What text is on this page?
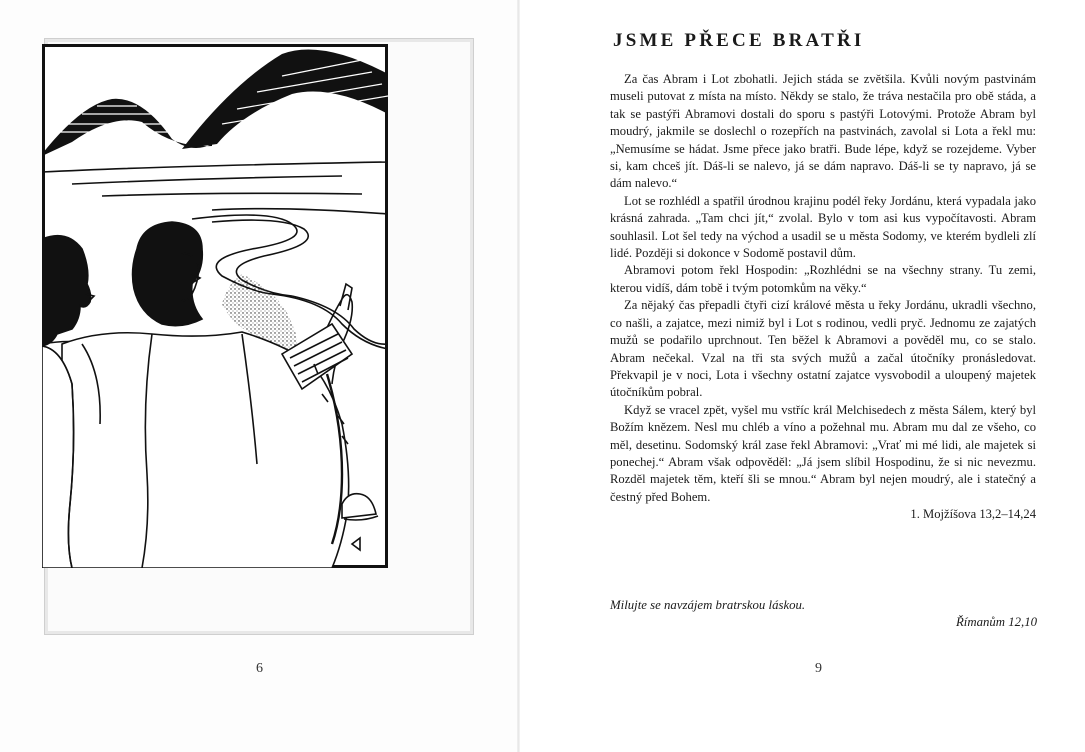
6
JSME PŘECE BRATŘI

Za čas Abram i Lot zbohatli. Jejich stáda se zvětšila. Kvůli novým pastvinám museli putovat z místa na místo. Někdy se stalo, že tráva nestačila pro obě stáda, a tak se pastýři Abramovi dostali do sporu s pastýři Lotovými. Protože Abram byl moudrý, jakmile se doslechl o rozepřích na pastvinách, zavolal si Lota a řekl mu: „Nemusíme se hádat. Jsme přece jako bratři. Bude lépe, když se rozejdeme. Vyber si, kam chceš jít. Dáš-li se nalevo, já se dám napravo. Dáš-li se ty napravo, já se dám nalevo.“

Lot se rozhlédl a spatřil úrodnou krajinu podél řeky Jordánu, která vypadala jako krásná zahrada. „Tam chci jít,“ zvolal. Bylo v tom asi kus vypočítavosti. Abram souhlasil. Lot šel tedy na východ a usadil se u města Sodomy, ve kterém bydleli zlí lidé. Později si dokonce v Sodomě postavil dům.

Abramovi potom řekl Hospodin: „Rozhlédni se na všechny strany. Tu zemi, kterou vidíš, dám tobě i tvým potomkům na věky.“

Za nějaký čas přepadli čtyři cizí králové města u řeky Jordánu, ukradli všechno, co našli, a zajatce, mezi nimiž byl i Lot s rodinou, vedli pryč. Jednomu ze zajatých mužů se podařilo uprchnout. Ten běžel k Abramovi a pověděl mu, co se stalo. Abram nečekal. Vzal na tři sta svých mužů a začal útočníky pronásledovat. Překvapil je v noci, Lota i všechny ostatní zajatce vysvobodil a uloupený majetek útočníkům pobral.

Když se vracel zpět, vyšel mu vstříc král Melchisedech z města Sálem, který byl Božím knězem. Nesl mu chléb a víno a požehnal mu. Abram mu dal ze všeho, co měl, desetinu. Sodomský král zase řekl Abramovi: „Vrať mi mé lidi, ale majetek si ponechej.“ Abram však odpověděl: „Já jsem slíbil Hospodinu, že si nic nevezmu. Rozděl majetek těm, kteří šli se mnou.“ Abram byl nejen moudrý, ale i statečný a čestný před Bohem.

1. Mojžíšova 13,2–14,24

Milujte se navzájem bratrskou láskou.
Římanům 12,10
9
